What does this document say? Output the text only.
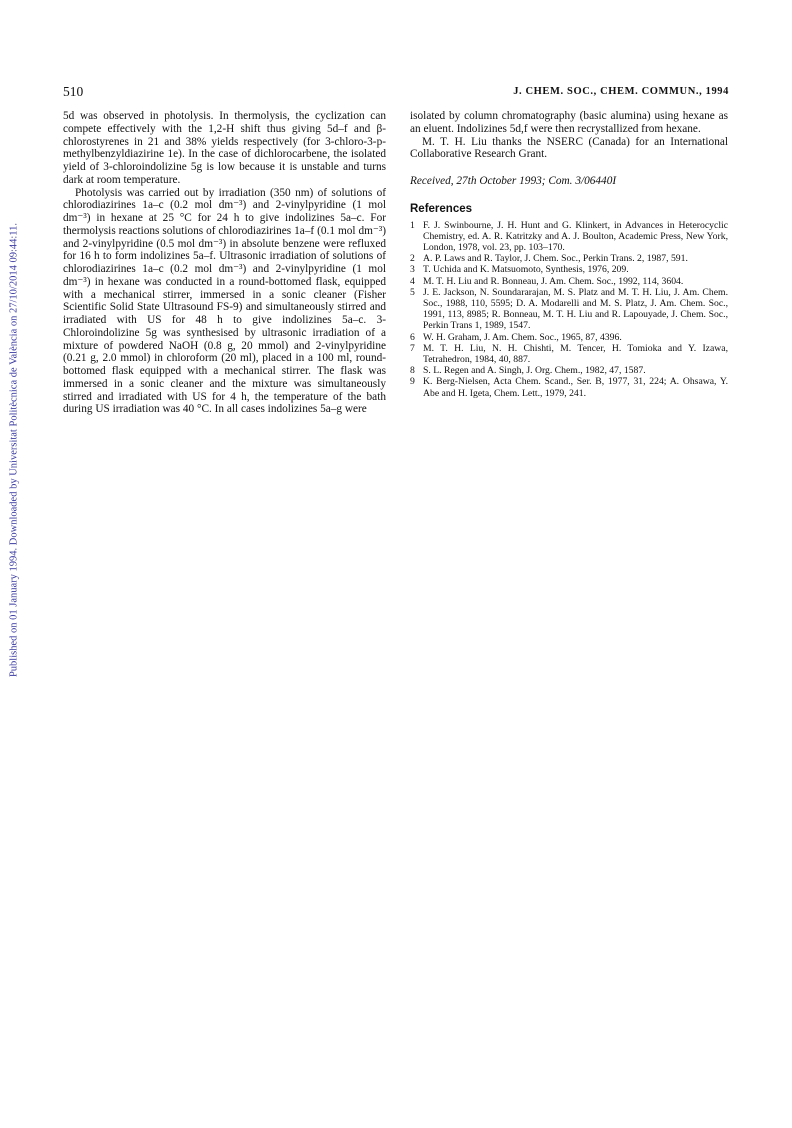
510	J. CHEM. SOC., CHEM. COMMUN., 1994
Published on 01 January 1994. Downloaded by Universitat Politècnica de València on 27/10/2014 09:44:11.

5d was observed in photolysis. In thermolysis, the cyclization can compete effectively with the 1,2-H shift thus giving 5d–f and β-chlorostyrenes in 21 and 38% yields respectively (for 3-chloro-3-p-methylbenzyldiazirine 1e). In the case of dichlorocarbene, the isolated yield of 3-chloroindolizine 5g is low because it is unstable and turns dark at room temperature.

Photolysis was carried out by irradiation (350 nm) of solutions of chlorodiazirines 1a–c (0.2 mol dm⁻³) and 2-vinylpyridine (1 mol dm⁻³) in hexane at 25 °C for 24 h to give indolizines 5a–c. For thermolysis reactions solutions of chlorodiazirines 1a–f (0.1 mol dm⁻³) and 2-vinylpyridine (0.5 mol dm⁻³) in absolute benzene were refluxed for 16 h to form indolizines 5a–f. Ultrasonic irradiation of solutions of chlorodiazirines 1a–c (0.2 mol dm⁻³) and 2-vinylpyridine (1 mol dm⁻³) in hexane was conducted in a round-bottomed flask, equipped with a mechanical stirrer, immersed in a sonic cleaner (Fisher Scientific Solid State Ultrasound FS-9) and simultaneously stirred and irradiated with US for 48 h to give indolizines 5a–c. 3-Chloroindolizine 5g was synthesised by ultrasonic irradiation of a mixture of powdered NaOH (0.8 g, 20 mmol) and 2-vinylpyridine (0.21 g, 2.0 mmol) in chloroform (20 ml), placed in a 100 ml, round-bottomed flask equipped with a mechanical stirrer. The flask was immersed in a sonic cleaner and the mixture was simultaneously stirred and irradiated with US for 4 h, the temperature of the bath during US irradiation was 40 °C. In all cases indolizines 5a–g were

isolated by column chromatography (basic alumina) using hexane as an eluent. Indolizines 5d,f were then recrystallized from hexane.

M. T. H. Liu thanks the NSERC (Canada) for an International Collaborative Research Grant.

Received, 27th October 1993; Com. 3/06440I

References
1 F. J. Swinbourne, J. H. Hunt and G. Klinkert, in Advances in Heterocyclic Chemistry, ed. A. R. Katritzky and A. J. Boulton, Academic Press, New York, London, 1978, vol. 23, pp. 103–170.
2 A. P. Laws and R. Taylor, J. Chem. Soc., Perkin Trans. 2, 1987, 591.
3 T. Uchida and K. Matsuomoto, Synthesis, 1976, 209.
4 M. T. H. Liu and R. Bonneau, J. Am. Chem. Soc., 1992, 114, 3604.
5 J. E. Jackson, N. Soundararajan, M. S. Platz and M. T. H. Liu, J. Am. Chem. Soc., 1988, 110, 5595; D. A. Modarelli and M. S. Platz, J. Am. Chem. Soc., 1991, 113, 8985; R. Bonneau, M. T. H. Liu and R. Lapouyade, J. Chem. Soc., Perkin Trans 1, 1989, 1547.
6 W. H. Graham, J. Am. Chem. Soc., 1965, 87, 4396.
7 M. T. H. Liu, N. H. Chishti, M. Tencer, H. Tomioka and Y. Izawa, Tetrahedron, 1984, 40, 887.
8 S. L. Regen and A. Singh, J. Org. Chem., 1982, 47, 1587.
9 K. Berg-Nielsen, Acta Chem. Scand., Ser. B, 1977, 31, 224; A. Ohsawa, Y. Abe and H. Igeta, Chem. Lett., 1979, 241.
